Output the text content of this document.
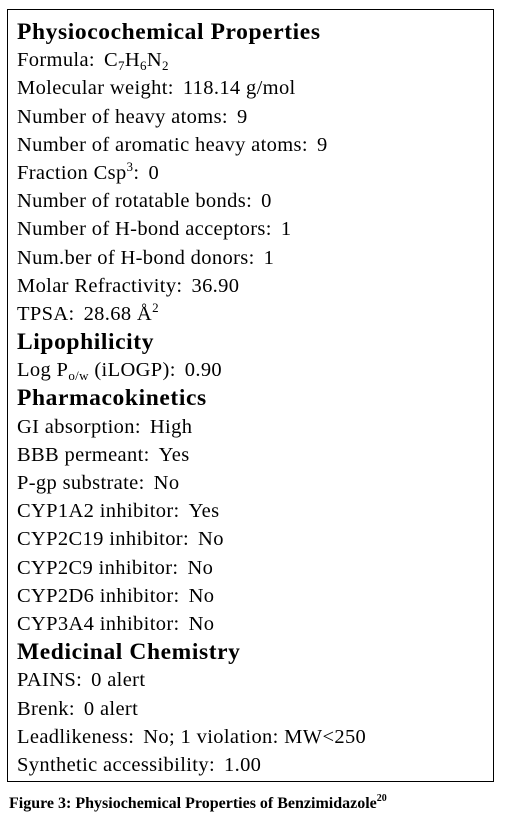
Physiocochemical Properties
Formula: $C_7H_6N_2$
Molecular weight: 118.14 g/mol
Number of heavy atoms: 9
Number of aromatic heavy atoms: 9
Fraction Csp$^3$: 0
Number of rotatable bonds: 0
Number of H-bond acceptors: 1
Num.ber of H-bond donors: 1
Molar Refractivity: 36.90
TPSA: 28.68 $Å^2$
Lipophilicity
Log $P_{o/w}$ (iLOGP): 0.90
Pharmacokinetics
GI absorption: High
BBB permeant: Yes
P-gp substrate: No
CYP1A2 inhibitor: Yes
CYP2C19 inhibitor: No
CYP2C9 inhibitor: No
CYP2D6 inhibitor: No
CYP3A4 inhibitor: No
Medicinal Chemistry
PAINS: 0 alert
Brenk: 0 alert
Leadlikeness: No; 1 violation: MW<250
Synthetic accessibility: 1.00
Figure 3: Physiochemical Properties of Benzimidazole$^{20}$
